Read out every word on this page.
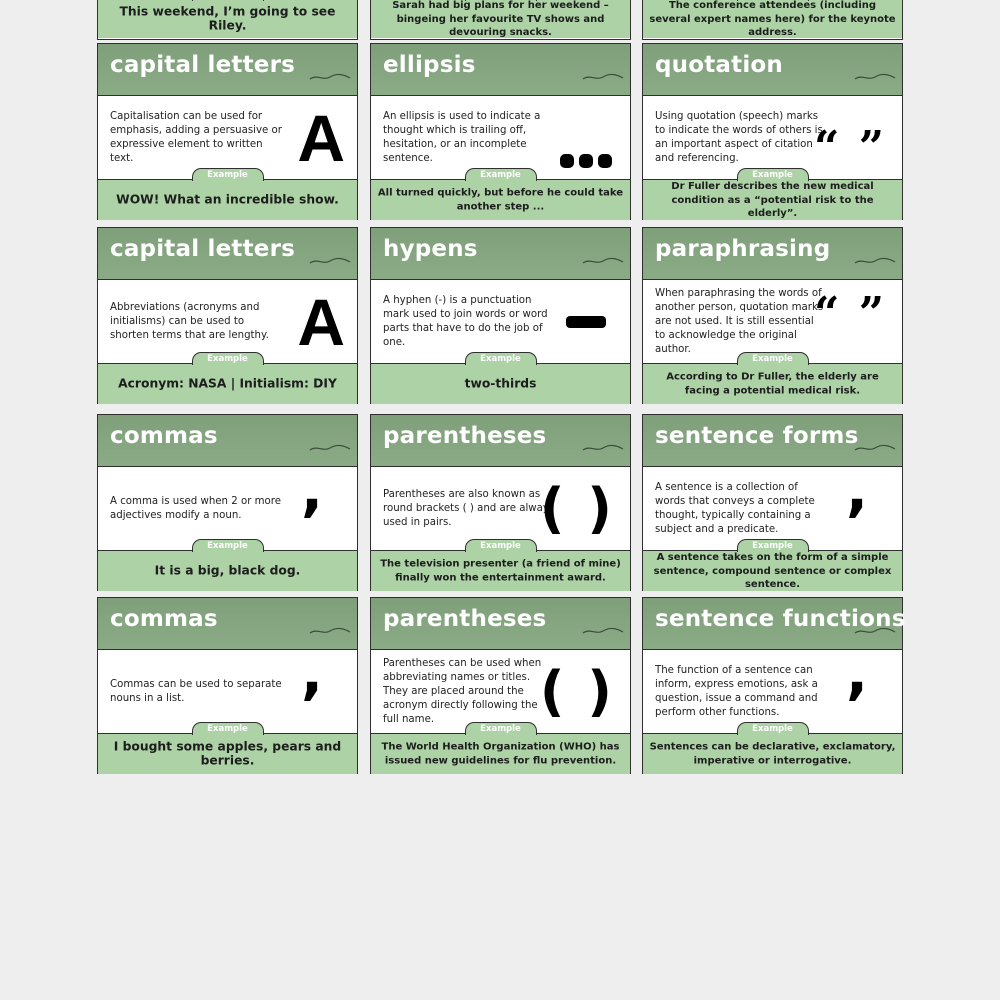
This weekend, I’m going to see Riley.
Sarah had big plans for her weekend – bingeing her favourite TV shows and devouring snacks.
The conference attendees (including several expert names here) for the keynote address.
capital letters
Capitalisation can be used for emphasis, adding a persuasive or expressive element to written text.	A
Example
WOW! What an incredible show.
ellipsis
An ellipsis is used to indicate a thought which is trailing off, hesitation, or an incomplete sentence.
Example
All turned quickly, but before he could take another step ...
quotation
Using quotation (speech) marks to indicate the words of others is an important aspect of citation and referencing.	“ ”
Example
Dr Fuller describes the new medical condition as a “potential risk to the elderly”.
capital letters
Abbreviations (acronyms and initialisms) can be used to shorten terms that are lengthy. A
Example
Acronym: NASA | Initialism: DIY
hypens
A hyphen (-) is a punctuation mark used to join words or word parts that have to do the job of one.
Example
two-thirds
paraphrasing
When paraphrasing the words of another person, quotation marks are not used. It is still essential to acknowledge the original author.
“ ”
Example
According to Dr Fuller, the elderly are facing a potential medical risk.
commas
A comma is used when 2 or more adjectives modify a noun.	,
Example
It is a big, black dog.
parentheses
Parentheses are also known as round brackets ( ) and are always used in pairs.	( )
Example
The television presenter (a friend of mine) finally won the entertainment award.
sentence forms
A sentence is a collection of words that conveys a complete thought, typically containing a subject and a predicate.
,
Example
A sentence takes on the form of a simple sentence, compound sentence or complex sentence.
commas
Commas can be used to separate nouns in a list.	,
Example
I bought some apples, pears and berries.
parentheses
Parentheses can be used when abbreviating names or titles. They are placed around the acronym directly following the full name.	( )
Example
The World Health Organization (WHO) has issued new guidelines for flu prevention.
sentence functions
The function of a sentence can inform, express emotions, ask a question, issue a command and perform other functions.
,
Example
Sentences can be declarative, exclamatory, imperative or interrogative.
